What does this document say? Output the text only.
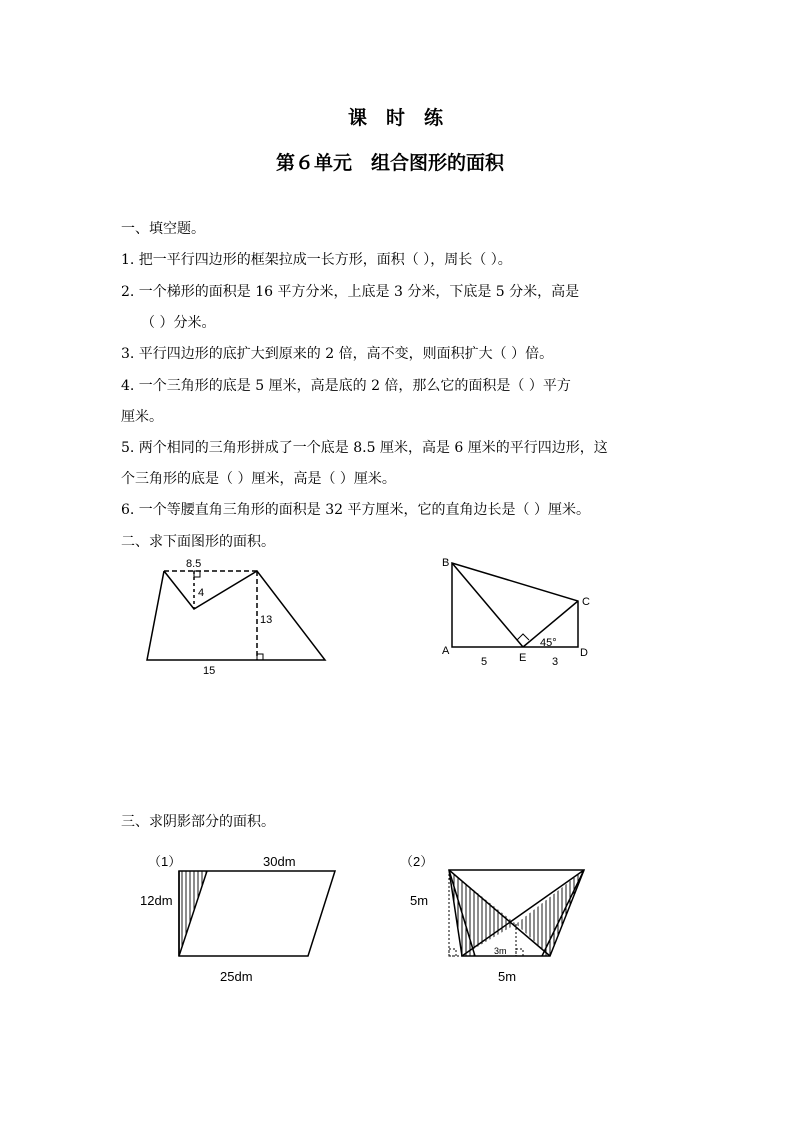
课　时　练
第６单元　组合图形的面积
一、填空题。
1. 把一平行四边形的框架拉成一长方形，面积（ ），周长（ ）。
2. 一个梯形的面积是 16 平方分米，上底是 3 分米，下底是 5 分米，高是
（ ）分米。
3. 平行四边形的底扩大到原来的 2 倍，高不变，则面积扩大（ ）倍。
4. 一个三角形的底是 5 厘米，高是底的 2 倍，那么它的面积是（ ）平方
厘米。
5. 两个相同的三角形拼成了一个底是 8.5 厘米，高是 6 厘米的平行四边形，这
个三角形的底是（ ）厘米，高是（ ）厘米。
6. 一个等腰直角三角形的面积是 32 平方厘米，它的直角边长是（ ）厘米。
二、求下面图形的面积。
8.5
4
13
15
B
C
A
E	D
5	3
45°
三、求阴影部分的面积。
（1）	30dm
12dm
25dm
（2）
5m
3m
5m
